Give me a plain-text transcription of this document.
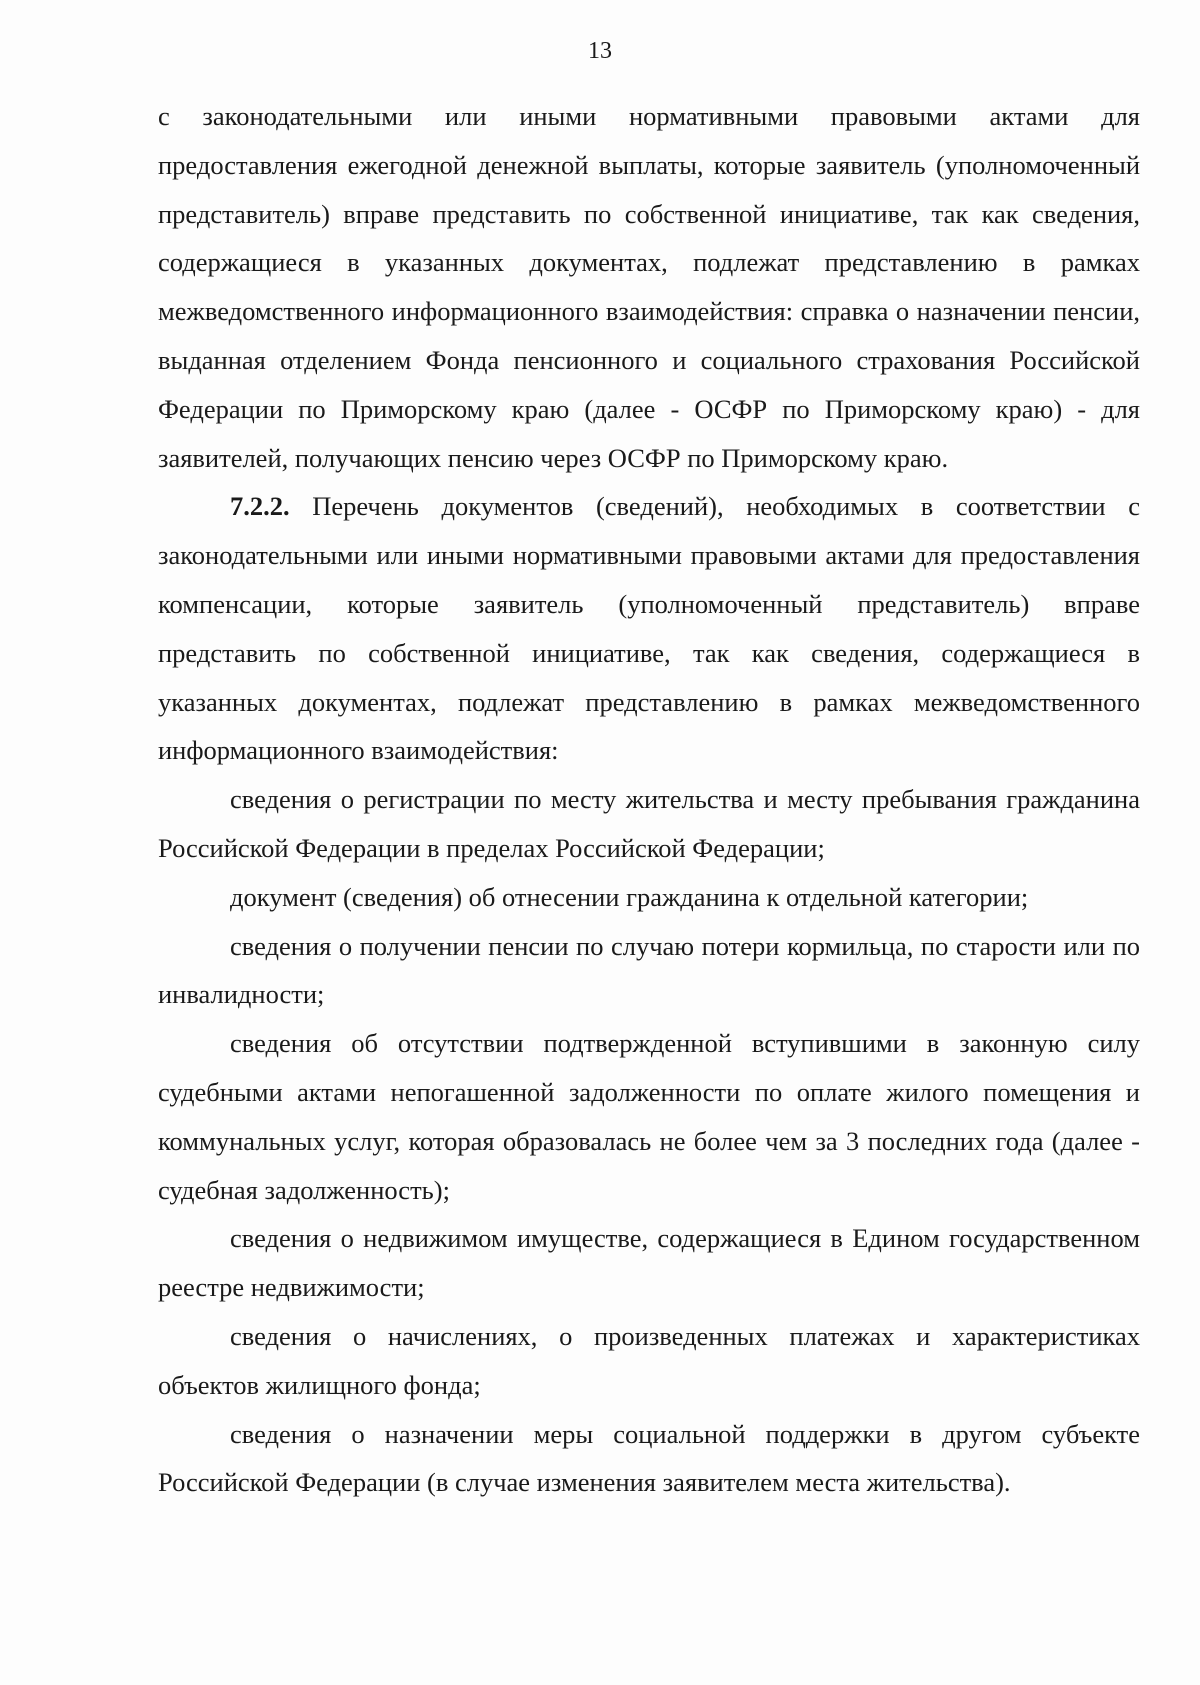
13

с законодательными или иными нормативными правовыми актами для предоставления ежегодной денежной выплаты, которые заявитель (уполномоченный представитель) вправе представить по собственной инициативе, так как сведения, содержащиеся в указанных документах, подлежат представлению в рамках межведомственного информационного взаимодействия: справка о назначении пенсии, выданная отделением Фонда пенсионного и социального страхования Российской Федерации по Приморскому краю (далее - ОСФР по Приморскому краю) - для заявителей, получающих пенсию через ОСФР по Приморскому краю.

7.2.2. Перечень документов (сведений), необходимых в соответствии с законодательными или иными нормативными правовыми актами для предоставления компенсации, которые заявитель (уполномоченный представитель) вправе представить по собственной инициативе, так как сведения, содержащиеся в указанных документах, подлежат представлению в рамках межведомственного информационного взаимодействия:

сведения о регистрации по месту жительства и месту пребывания гражданина Российской Федерации в пределах Российской Федерации;

документ (сведения) об отнесении гражданина к отдельной категории;

сведения о получении пенсии по случаю потери кормильца, по старости или по инвалидности;

сведения об отсутствии подтвержденной вступившими в законную силу судебными актами непогашенной задолженности по оплате жилого помещения и коммунальных услуг, которая образовалась не более чем за 3 последних года (далее - судебная задолженность);

сведения о недвижимом имуществе, содержащиеся в Едином государственном реестре недвижимости;

сведения о начислениях, о произведенных платежах и характеристиках объектов жилищного фонда;

сведения о назначении меры социальной поддержки в другом субъекте Российской Федерации (в случае изменения заявителем места жительства).
